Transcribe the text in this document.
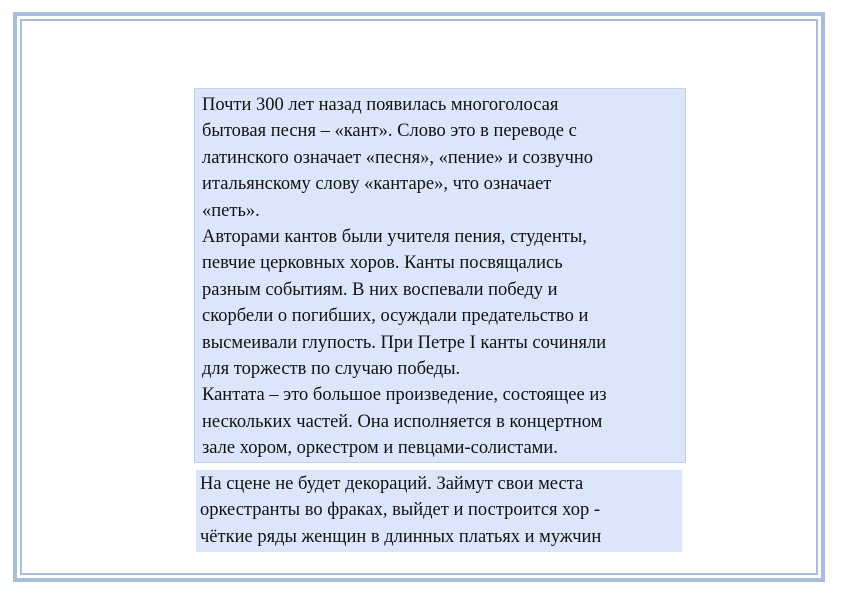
Почти 300 лет назад появилась многоголосая
бытовая песня – «кант». Слово это в переводе с
латинского означает «песня», «пение» и созвучно
итальянскому слову «кантаре», что означает
«петь».
Авторами кантов были учителя пения, студенты,
певчие церковных хоров. Канты посвящались
разным событиям. В них воспевали победу и
скорбели о погибших, осуждали предательство и
высмеивали глупость. При Петре I канты сочиняли
для торжеств по случаю победы.
Кантата – это большое произведение, состоящее из
нескольких частей. Она исполняется в концертном
зале хором, оркестром и певцами-солистами.
На сцене не будет декораций. Займут свои места
оркестранты во фраках, выйдет и построится хор -
чёткие ряды женщин в длинных платьях и мужчин
